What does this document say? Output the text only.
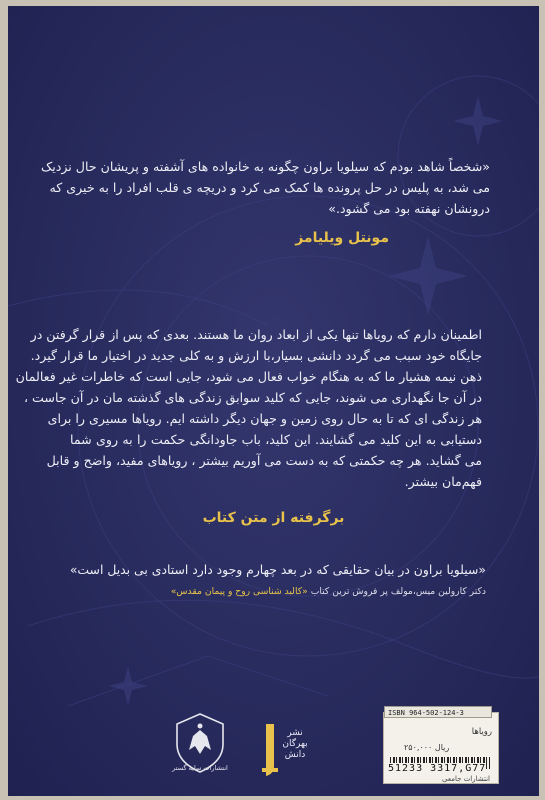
«شخصاً شاهد بودم که سیلویا براون چگونه به خانواده های آشفته و پریشان حال نزدیک
می شد، به پلیس در حل پرونده ها کمک می کرد و دریچه ی قلب افراد را به خیری که
درونشان نهفته بود می گشود.»
مونتل ویلیامز
اطمینان دارم که رویاها تنها یکی از ابعاد روان ما هستند. بعدی که پس از قرار گرفتن در
جایگاه خود سبب می گردد دانشی بسیار،با ارزش و به کلی جدید در اختیار ما قرار گیرد.
ذهن نیمه هشیار ما که به هنگام خواب فعال می شود، جایی است که خاطرات غیر فعالمان
در آن جا نگهداری می شوند، جایی که کلید سوابق زندگی های گذشته مان در آن جاست ،
هر زندگی ای که تا به حال روی زمین و جهان دیگر داشته ایم. رویاها مسیری را برای
دستیابی به این کلید می گشایند. این کلید، باب جاودانگی حکمت را به روی شما
می گشاید. هر چه حکمتی که به دست می آوریم بیشتر ، رویاهای مفید، واضح و قابل
فهم‌مان بیشتر.
برگرفته از متن کتاب
«سیلویا براون در بیان حقایقی که در بعد چهارم وجود دارد استادی بی بدیل است»
دکتر کارولین میس،مولف پر فروش ترین کتاب «کالبد شناسی روح و پیمان مقدس»
انتشارات سایه گستر
نشر
بهرگان
دانش
رویاها
۲۵۰,۰۰۰ ریال
51233 3317,G77
انتشارات جامعی
ISBN 964-502-124-3
